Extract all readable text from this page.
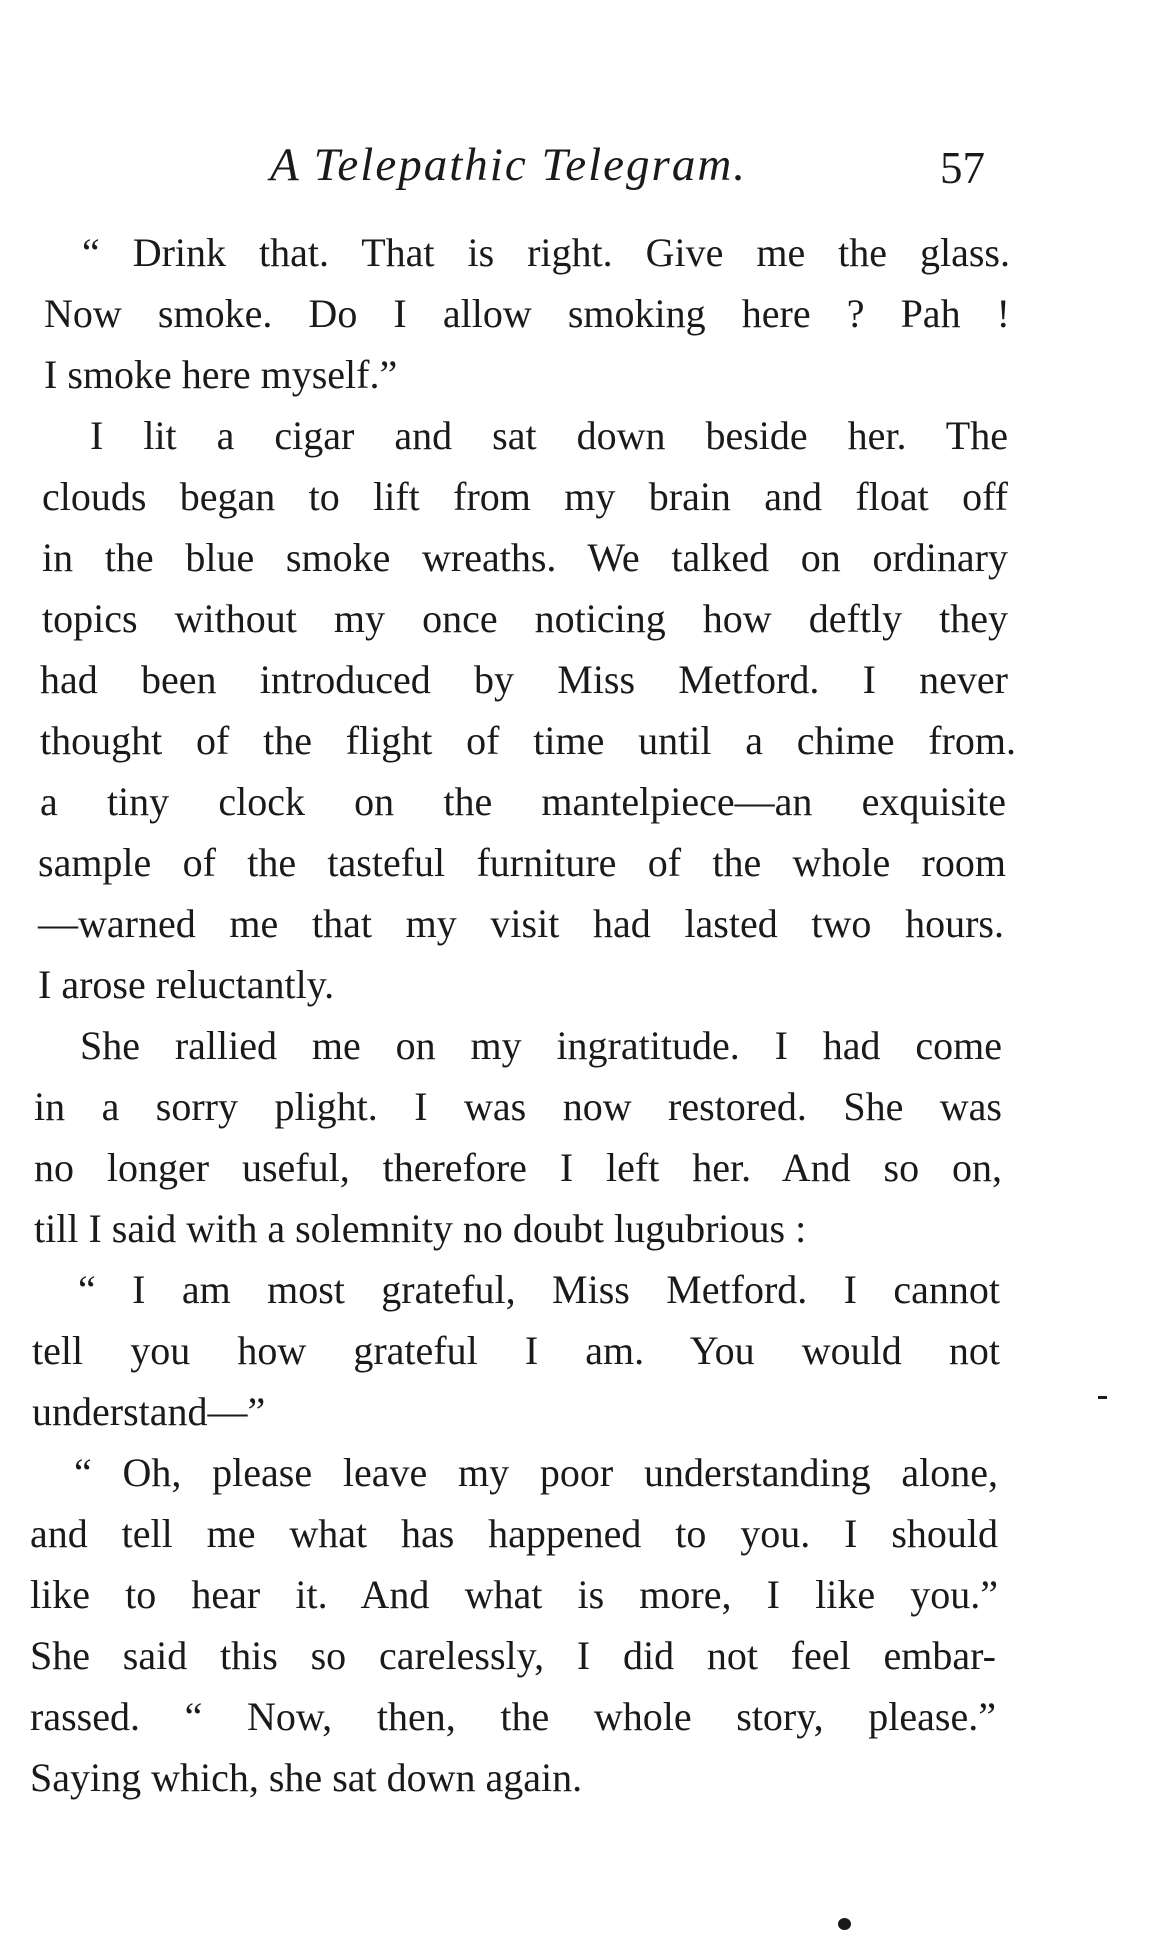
A Telepathic Telegram.	57
“ Drink that. That is right. Give me the glass.
Now smoke. Do I allow smoking here ? Pah !
I smoke here myself.”
I lit a cigar and sat down beside her. The
clouds began to lift from my brain and float off
in the blue smoke wreaths. We talked on ordinary
topics without my once noticing how deftly they
had been introduced by Miss Metford. I never
thought of the flight of time until a chime from.
a tiny clock on the mantelpiece—an exquisite
sample of the tasteful furniture of the whole room
—warned me that my visit had lasted two hours.
I arose reluctantly.
She rallied me on my ingratitude. I had come
in a sorry plight. I was now restored. She was
no longer useful, therefore I left her. And so on,
till I said with a solemnity no doubt lugubrious :
“ I am most grateful, Miss Metford. I cannot
tell you how grateful I am. You would not
understand—”
“ Oh, please leave my poor understanding alone,
and tell me what has happened to you. I should
like to hear it. And what is more, I like you.”
She said this so carelessly, I did not feel embar-
rassed. “ Now, then, the whole story, please.”
Saying which, she sat down again.
